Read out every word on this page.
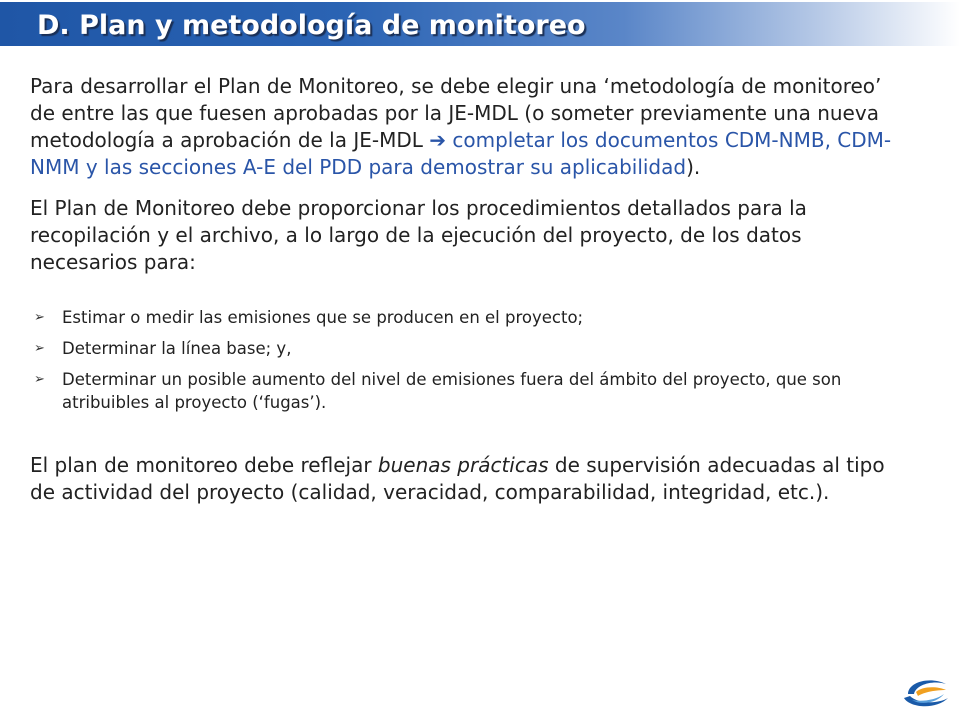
D. Plan y metodología de monitoreo

Para desarrollar el Plan de Monitoreo, se debe elegir una ‘metodología de monitoreo’ de entre las que fuesen aprobadas por la JE-MDL (o someter previamente una nueva metodología a aprobación de la JE-MDL ➔ completar los documentos CDM-NMB, CDM-NMM y las secciones A-E del PDD para demostrar su aplicabilidad).

El Plan de Monitoreo debe proporcionar los procedimientos detallados para la recopilación y el archivo, a lo largo de la ejecución del proyecto, de los datos necesarios para:

➢ Estimar o medir las emisiones que se producen en el proyecto;
➢ Determinar la línea base; y,
➢ Determinar un posible aumento del nivel de emisiones fuera del ámbito del proyecto, que son atribuibles al proyecto (‘fugas’).

El plan de monitoreo debe reflejar buenas prácticas de supervisión adecuadas al tipo de actividad del proyecto (calidad, veracidad, comparabilidad, integridad, etc.).
